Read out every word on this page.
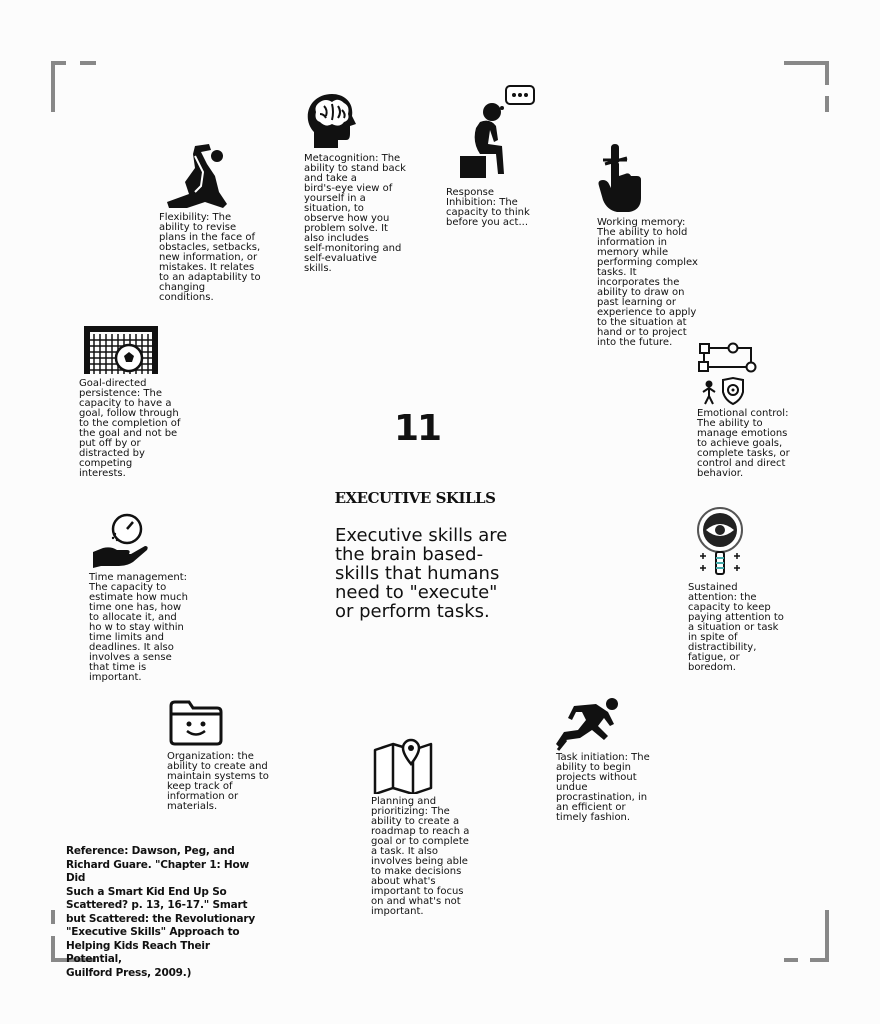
Metacognition: The
ability to stand back
and take a
bird's-eye view of
yourself in a
situation, to
observe how you
problem solve. It
also includes
self-monitoring and
self-evaluative
skills.
Response
Inhibition: The
capacity to think
before you act...
Flexibility: The
ability to revise
plans in the face of
obstacles, setbacks,
new information, or
mistakes. It relates
to an adaptability to
changing
conditions.
Working memory:
The ability to hold
information in
memory while
performing complex
tasks. It
incorporates the
ability to draw on
past learning or
experience to apply
to the situation at
hand or to project
into the future.
Goal-directed
persistence: The
capacity to have a
goal, follow through
to the completion of
the goal and not be
put off by or
distracted by
competing
interests.
Emotional control:
The ability to
manage emotions
to achieve goals,
complete tasks, or
control and direct
behavior.
Time management:
The capacity to
estimate how much
time one has, how
to allocate it, and
ho w to stay within
time limits and
deadlines. It also
involves a sense
that time is
important.
Sustained
attention: the
capacity to keep
paying attention to
a situation or task
in spite of
distractibility,
fatigue, or
boredom.
Organization: the
ability to create and
maintain systems to
keep track of
information or
materials.
Task initiation: The
ability to begin
projects without
undue
procrastination, in
an efficient or
timely fashion.
Planning and
prioritizing: The
ability to create a
roadmap to reach a
goal or to complete
a task. It also
involves being able
to make decisions
about what's
important to focus
on and what's not
important.
11
EXECUTIVE SKILLS
Executive skills are
the brain based-
skills that humans
need to "execute"
or perform tasks.
Reference: Dawson, Peg, and
Richard Guare. "Chapter 1: How Did
Such a Smart Kid End Up So
Scattered? p. 13, 16-17." Smart
but Scattered: the Revolutionary
"Executive Skills" Approach to
Helping Kids Reach Their Potential,
Guilford Press, 2009.)
